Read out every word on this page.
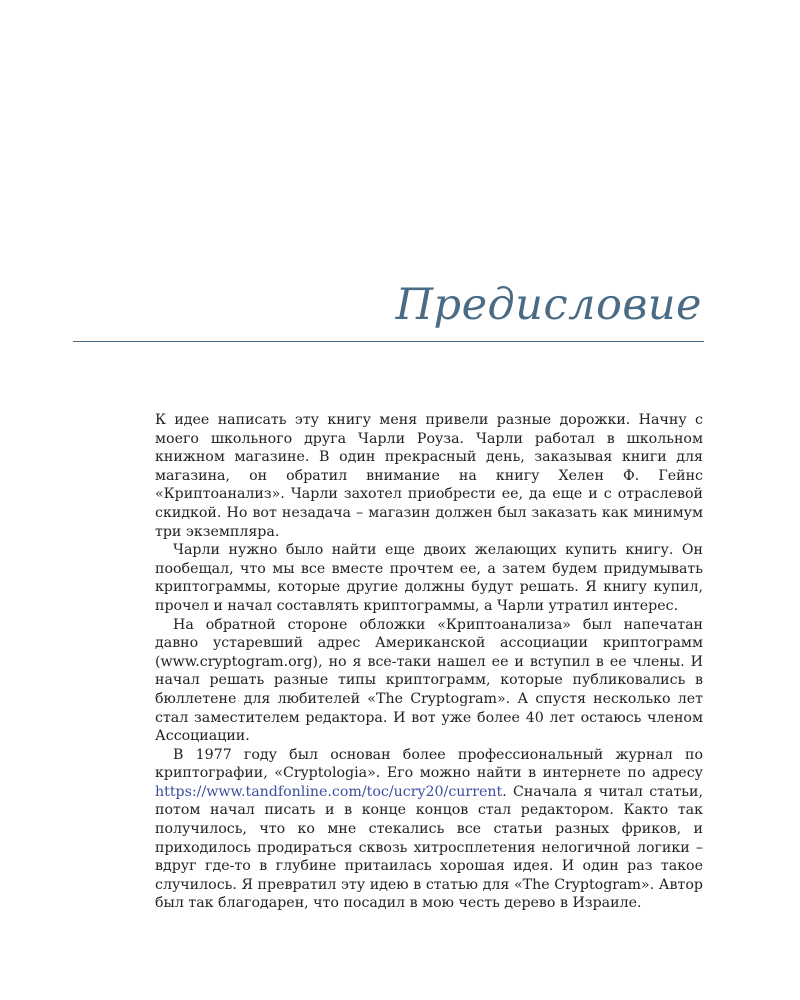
Предисловие

К идее написать эту книгу меня привели разные дорожки. Начну с моего школьного друга Чарли Роуза. Чарли работал в школьном книжном магазине. В один прекрасный день, заказывая книги для магазина, он обратил внимание на книгу Хелен Ф. Гейнс «Криптоанализ». Чарли захотел приобрести ее, да еще и с отраслевой скидкой. Но вот незадача – магазин должен был заказать как минимум три экземпляра.

Чарли нужно было найти еще двоих желающих купить книгу. Он пообещал, что мы все вместе прочтем ее, а затем будем придумывать криптограммы, которые другие должны будут решать. Я книгу купил, прочел и начал составлять криптограммы, а Чарли утратил интерес.

На обратной стороне обложки «Криптоанализа» был напечатан давно устаревший адрес Американской ассоциации криптограмм (www.cryptogram.org), но я все-таки нашел ее и вступил в ее члены. И начал решать разные типы криптограмм, которые публиковались в бюллетене для любителей «The Cryptogram». А спустя несколько лет стал заместителем редактора. И вот уже более 40 лет остаюсь членом Ассоциации.

В 1977 году был основан более профессиональный журнал по криптографии, «Cryptologia». Его можно найти в интернете по адресу https://www.tandfonline.com/toc/ucry20/current. Сначала я читал статьи, потом начал писать и в конце концов стал редактором. Както так получилось, что ко мне стекались все статьи разных фриков, и приходилось продираться сквозь хитросплетения нелогичной логики – вдруг где-то в глубине притаилась хорошая идея. И один раз такое случилось. Я превратил эту идею в статью для «The Cryptogram». Автор был так благодарен, что посадил в мою честь дерево в Израиле.
